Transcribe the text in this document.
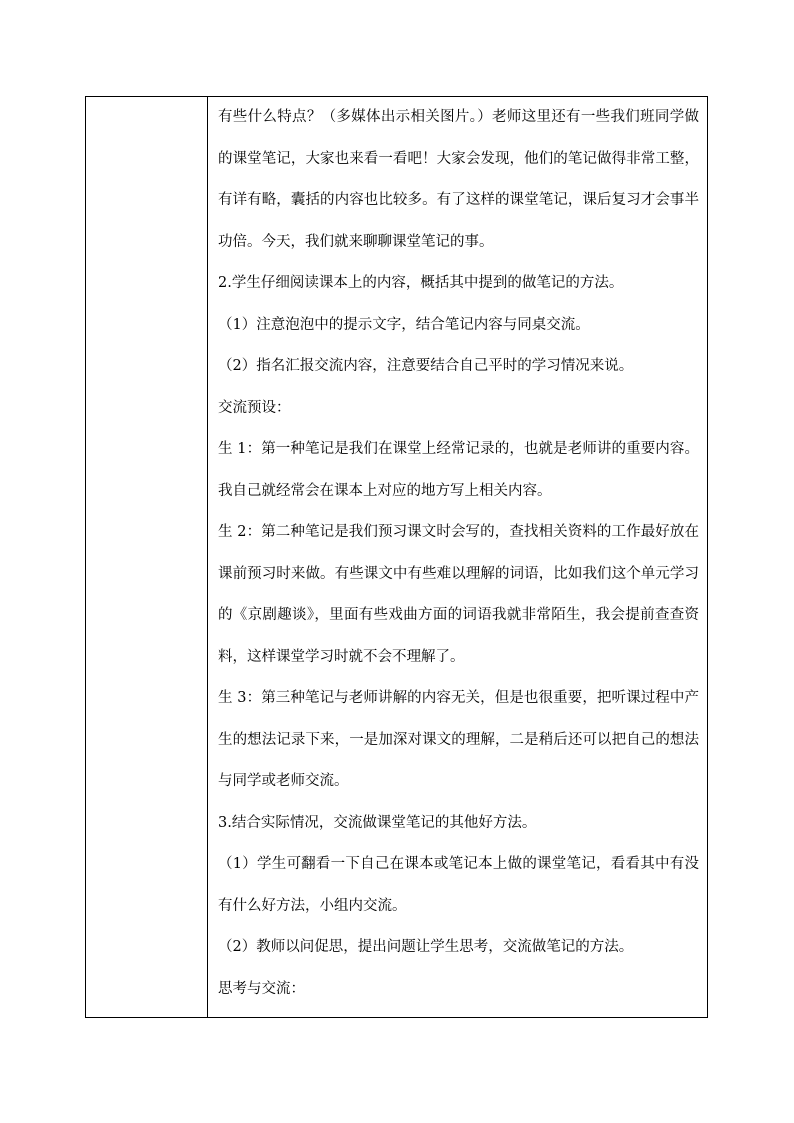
有些什么特点？（多媒体出示相关图片。）老师这里还有一些我们班同学做的课堂笔记，大家也来看一看吧！大家会发现，他们的笔记做得非常工整，有详有略，囊括的内容也比较多。有了这样的课堂笔记，课后复习才会事半功倍。今天，我们就来聊聊课堂笔记的事。

2.学生仔细阅读课本上的内容，概括其中提到的做笔记的方法。

（1）注意泡泡中的提示文字，结合笔记内容与同桌交流。

（2）指名汇报交流内容，注意要结合自己平时的学习情况来说。

交流预设：

生 1：第一种笔记是我们在课堂上经常记录的，也就是老师讲的重要内容。我自己就经常会在课本上对应的地方写上相关内容。

生 2：第二种笔记是我们预习课文时会写的，查找相关资料的工作最好放在课前预习时来做。有些课文中有些难以理解的词语，比如我们这个单元学习的《京剧趣谈》，里面有些戏曲方面的词语我就非常陌生，我会提前查查资料，这样课堂学习时就不会不理解了。

生 3：第三种笔记与老师讲解的内容无关，但是也很重要，把听课过程中产生的想法记录下来，一是加深对课文的理解，二是稍后还可以把自己的想法与同学或老师交流。

3.结合实际情况，交流做课堂笔记的其他好方法。

（1）学生可翻看一下自己在课本或笔记本上做的课堂笔记，看看其中有没有什么好方法，小组内交流。

（2）教师以问促思，提出问题让学生思考，交流做笔记的方法。

思考与交流：
